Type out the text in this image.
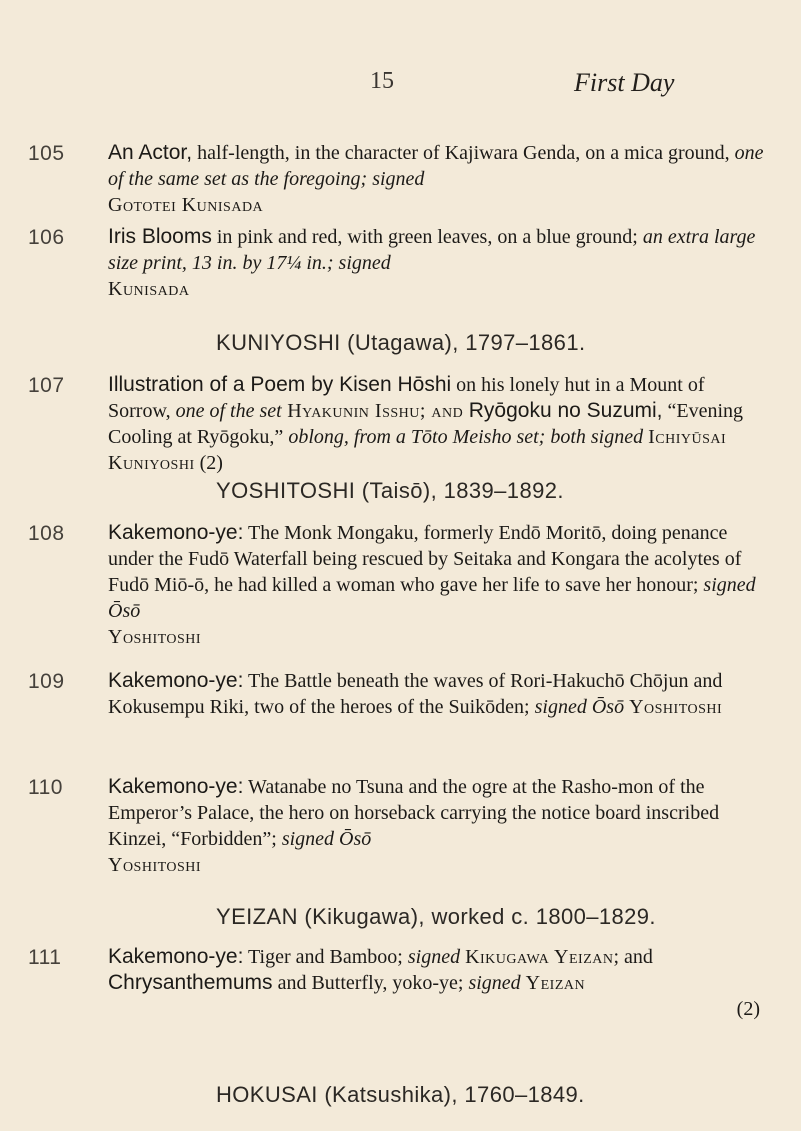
15	First Day
105	An Actor, half-length, in the character of Kajiwara Genda, on a mica ground, one of the same set as the foregoing; signed
Gototei Kunisada
106	Iris Blooms in pink and red, with green leaves, on a blue ground; an extra large size print, 13 in. by 17¼ in.; signed
Kunisada
KUNIYOSHI (Utagawa), 1797–1861.
107	Illustration of a Poem by Kisen Hōshi on his lonely hut in a Mount of Sorrow, one of the set Hyakunin Isshu; and Ryōgoku no Suzumi, “Evening Cooling at Ryōgoku,” oblong, from a Tōto Meisho set; both signed Ichiyūsai Kuniyoshi (2)
YOSHITOSHI (Taisō), 1839–1892.
108	Kakemono-ye: The Monk Mongaku, formerly Endō Moritō, doing penance under the Fudō Waterfall being rescued by Seitaka and Kongara the acolytes of Fudō Miō-ō, he had killed a woman who gave her life to save her honour; signed Ōsō
Yoshitoshi
109	Kakemono-ye: The Battle beneath the waves of Rori-Hakuchō Chōjun and Kokusempu Riki, two of the heroes of the Suikōden; signed Ōsō Yoshitoshi
110	Kakemono-ye: Watanabe no Tsuna and the ogre at the Rasho-mon of the Emperor’s Palace, the hero on horseback carrying the notice board inscribed Kinzei, “Forbidden”; signed Ōsō
Yoshitoshi
YEIZAN (Kikugawa), worked c. 1800–1829.
111	Kakemono-ye: Tiger and Bamboo; signed Kikugawa Yeizan; and Chrysanthemums and Butterfly, yoko-ye; signed Yeizan

(2)
HOKUSAI (Katsushika), 1760–1849.
